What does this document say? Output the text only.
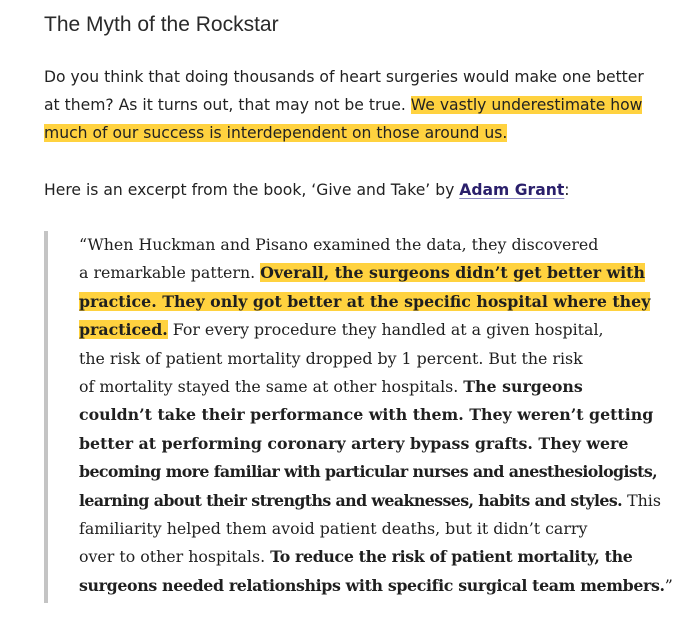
The Myth of the Rockstar
Do you think that doing thousands of heart surgeries would make one better
at them? As it turns out, that may not be true. We vastly underestimate how
much of our success is interdependent on those around us.
Here is an excerpt from the book, ‘Give and Take’ by Adam Grant:
“When Huckman and Pisano examined the data, they discovered
a remarkable pattern. Overall, the surgeons didn’t get better with
practice. They only got better at the specific hospital where they
practiced. For every procedure they handled at a given hospital,
the risk of patient mortality dropped by 1 percent. But the risk
of mortality stayed the same at other hospitals. The surgeons
couldn’t take their performance with them. They weren’t getting
better at performing coronary artery bypass grafts. They were
becoming more familiar with particular nurses and anesthesiologists,
learning about their strengths and weaknesses, habits and styles. This
familiarity helped them avoid patient deaths, but it didn’t carry
over to other hospitals. To reduce the risk of patient mortality, the
surgeons needed relationships with specific surgical team members.”
